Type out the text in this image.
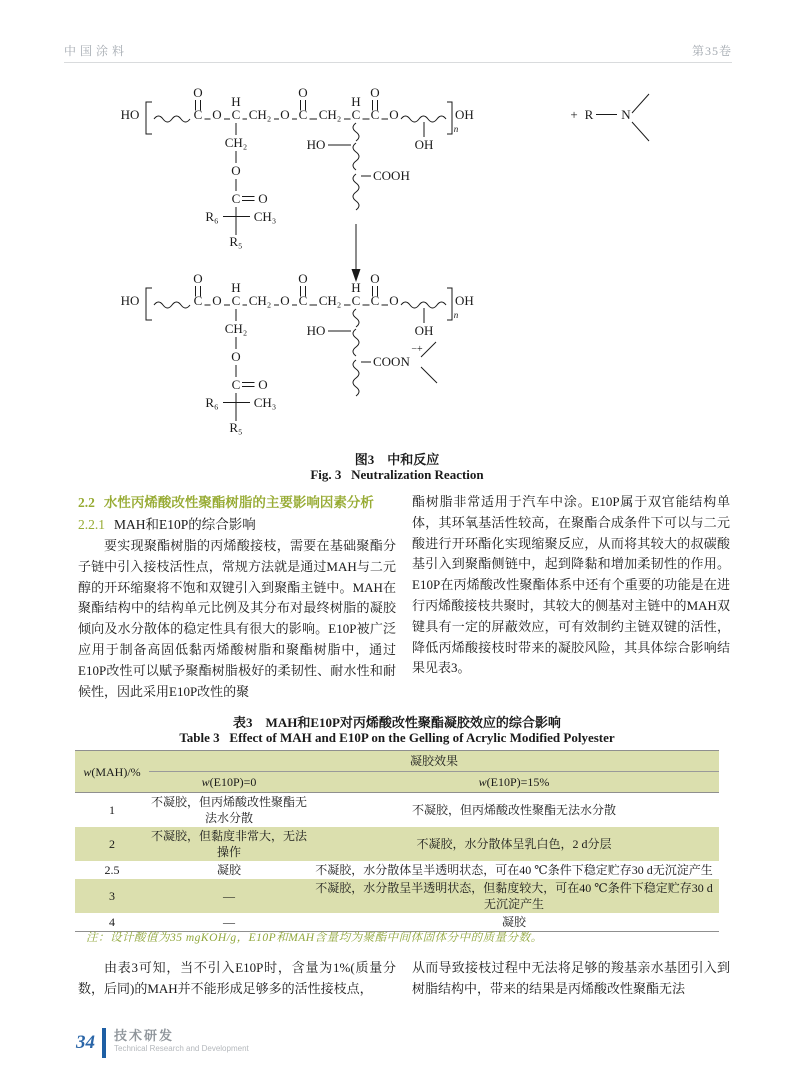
中国涂料	第35卷
HO
O
C O
H
C CH₂ O
O
C CH₂
H
C
O
C O
n
OH
OH
CH₂
O
C O
R₆	CH₃
R₅
HO
COOH
+ R N
HO
O
C O
H
C CH₂ O
O
C CH₂
H
C
O
C O
n
OH
OH
CH₂
O
C O
R₆	CH₃
R₅
HO
COON
−+
图3　中和反应
Fig. 3   Neutralization Reaction
2.2 水性丙烯酸改性聚酯树脂的主要影响因素分析
2.2.1 MAH和E10P的综合影响
要实现聚酯树脂的丙烯酸接枝，需要在基础聚酯分子链中引入接枝活性点，常规方法就是通过MAH与二元醇的开环缩聚将不饱和双键引入到聚酯主链中。MAH在聚酯结构中的结构单元比例及其分布对最终树脂的凝胶倾向及水分散体的稳定性具有很大的影响。E10P被广泛应用于制备高固低黏丙烯酸树脂和聚酯树脂中，通过E10P改性可以赋予聚酯树脂极好的柔韧性、耐水性和耐候性，因此采用E10P改性的聚
酯树脂非常适用于汽车中涂。E10P属于双官能结构单体，其环氧基活性较高，在聚酯合成条件下可以与二元酸进行开环酯化实现缩聚反应，从而将其较大的叔碳酸基引入到聚酯侧链中，起到降黏和增加柔韧性的作用。E10P在丙烯酸改性聚酯体系中还有个重要的功能是在进行丙烯酸接枝共聚时，其较大的侧基对主链中的MAH双键具有一定的屏蔽效应，可有效制约主链双键的活性，降低丙烯酸接枝时带来的凝胶风险，其具体综合影响结果见表3。
表3　MAH和E10P对丙烯酸改性聚酯凝胶效应的综合影响
Table 3   Effect of MAH and E10P on the Gelling of Acrylic Modified Polyester
w(MAH)/%	凝胶效果	
	w(E10P)=0	w(E10P)=15%
1	不凝胶，但丙烯酸改性聚酯无法水分散	不凝胶，但丙烯酸改性聚酯无法水分散
2	不凝胶，但黏度非常大，无法操作	不凝胶，水分散体呈乳白色，2 d分层
2.5	凝胶	不凝胶，水分散体呈半透明状态，可在40 ℃条件下稳定贮存30 d无沉淀产生
3	—	不凝胶，水分散呈半透明状态，但黏度较大，可在40 ℃条件下稳定贮存30 d无沉淀产生
4	—	凝胶
注：设计酸值为35 mgKOH/g，E10P和MAH含量均为聚酯中间体固体分中的质量分数。
由表3可知，当不引入E10P时，含量为1%(质量分数，后同)的MAH并不能形成足够多的活性接枝点，
从而导致接枝过程中无法将足够的羧基亲水基团引入到树脂结构中，带来的结果是丙烯酸改性聚酯无法
34	技术研发
Technical Research and Development
